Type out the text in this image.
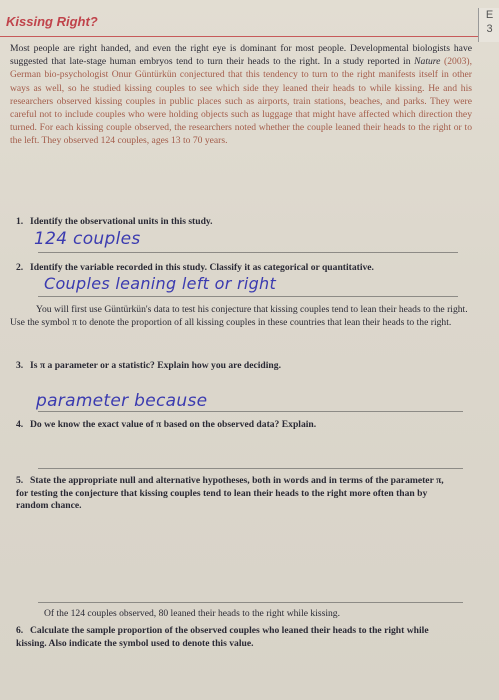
Kissing Right?	E
3
Most people are right handed, and even the right eye is dominant for most people. Developmental biologists have suggested that late-stage human embryos tend to turn their heads to the right. In a study reported in Nature (2003), German bio-psychologist Onur Güntürkün conjectured that this tendency to turn to the right manifests itself in other ways as well, so he studied kissing couples to see which side they leaned their heads to while kissing. He and his researchers observed kissing couples in public places such as airports, train stations, beaches, and parks. They were careful not to include couples who were holding objects such as luggage that might have affected which direction they turned. For each kissing couple observed, the researchers noted whether the couple leaned their heads to the right or to the left. They observed 124 couples, ages 13 to 70 years.
1. Identify the observational units in this study.
124 couples
2. Identify the variable recorded in this study. Classify it as categorical or quantitative.
Couples leaning left or right
You will first use Güntürkün's data to test his conjecture that kissing couples tend to lean their heads to the right. Use the symbol π to denote the proportion of all kissing couples in these countries that lean their heads to the right.
3. Is π a parameter or a statistic? Explain how you are deciding.
parameter because
4. Do we know the exact value of π based on the observed data? Explain.
5. State the appropriate null and alternative hypotheses, both in words and in terms of the parameter π, for testing the conjecture that kissing couples tend to lean their heads to the right more often than by random chance.
Of the 124 couples observed, 80 leaned their heads to the right while kissing.
6. Calculate the sample proportion of the observed couples who leaned their heads to the right while kissing. Also indicate the symbol used to denote this value.
